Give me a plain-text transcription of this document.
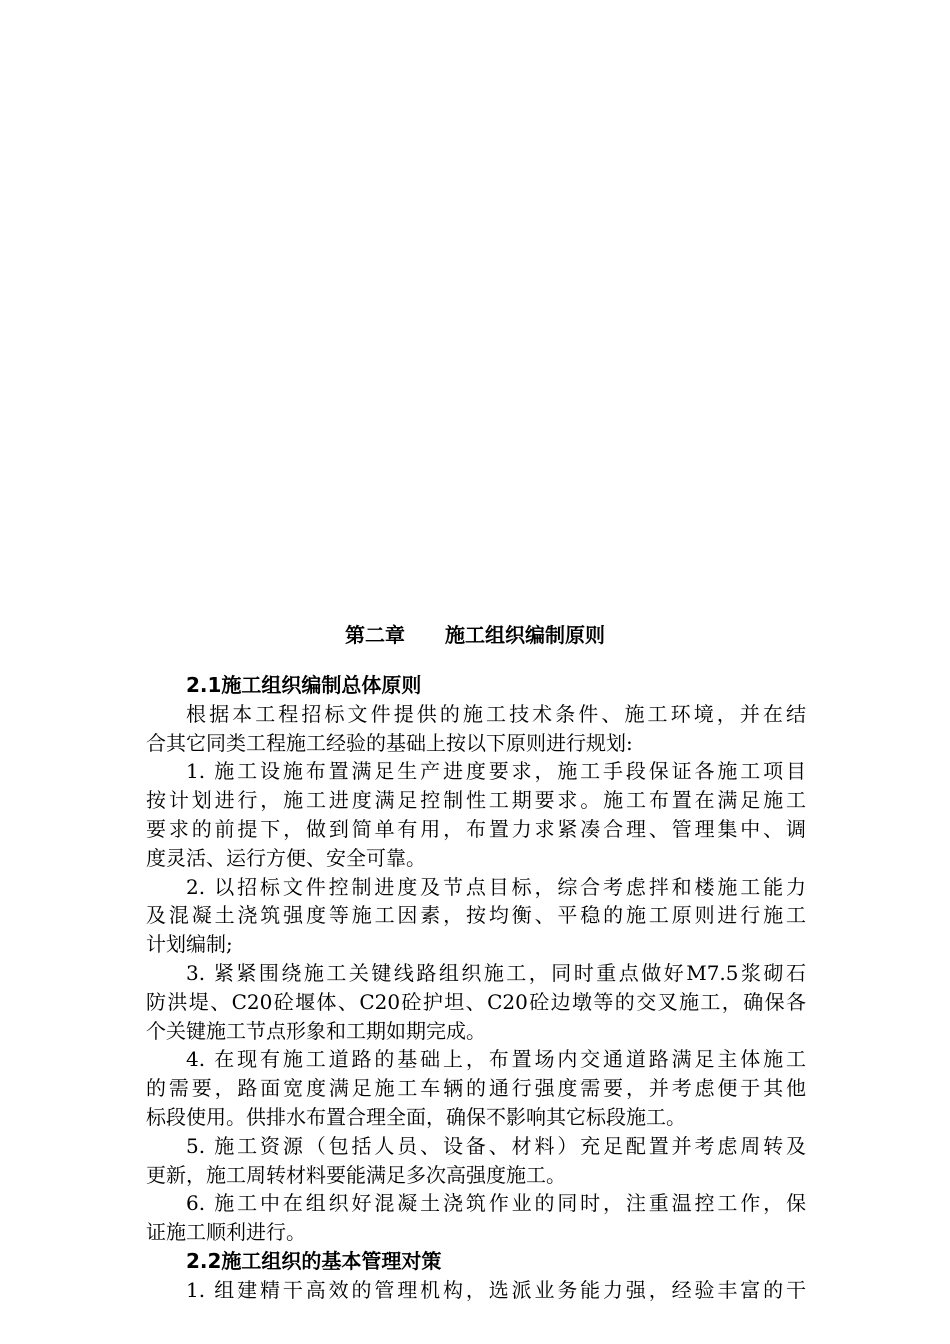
第二章　　施工组织编制原则
2.1施工组织编制总体原则
根据本工程招标文件提供的施工技术条件、施工环境，并在结
合其它同类工程施工经验的基础上按以下原则进行规划:
1. 施工设施布置满足生产进度要求，施工手段保证各施工项目
按计划进行，施工进度满足控制性工期要求。施工布置在满足施工
要求的前提下，做到简单有用，布置力求紧凑合理、管理集中、调
度灵活、运行方便、安全可靠。
2. 以招标文件控制进度及节点目标，综合考虑拌和楼施工能力
及混凝土浇筑强度等施工因素，按均衡、平稳的施工原则进行施工
计划编制;
3. 紧紧围绕施工关键线路组织施工，同时重点做好M7.5浆砌石
防洪堤、C20砼堰体、C20砼护坦、C20砼边墩等的交叉施工，确保各
个关键施工节点形象和工期如期完成。
4. 在现有施工道路的基础上，布置场内交通道路满足主体施工
的需要，路面宽度满足施工车辆的通行强度需要，并考虑便于其他
标段使用。供排水布置合理全面，确保不影响其它标段施工。
5. 施工资源（包括人员、设备、材料）充足配置并考虑周转及
更新，施工周转材料要能满足多次高强度施工。
6. 施工中在组织好混凝土浇筑作业的同时，注重温控工作，保
证施工顺利进行。
2.2施工组织的基本管理对策
1. 组建精干高效的管理机构，选派业务能力强，经验丰富的干
